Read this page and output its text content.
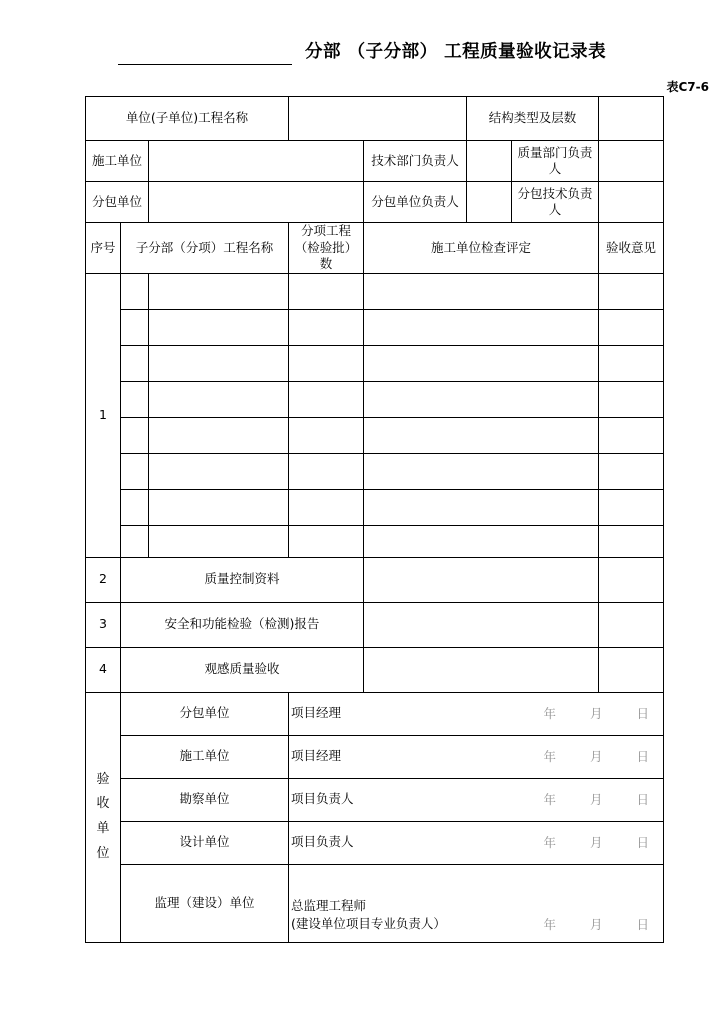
分部 （子分部） 工程质量验收记录表
表C7-6
单位(子单位)工程名称					结构类型及层数		
施工单位				技术部门负责人		质量部门负责人	
分包单位				分包单位负责人		分包技术负责人	
序号	子分部（分项）工程名称		分项工程（检验批）数	施工单位检查评定			验收意见
1							

2	质量控制资料						
3	安全和功能检验（检测)报告						
4	观感质量验收						

验
收
单
位
	分包单位	项目经理	年	月	日

	施工单位		项目经理 年 月 日				

	勘察单位		项目负责人 年 月 日				

	设计单位		项目负责人 年 月 日				

	监理（建设）单位		总监理工程师
(建设单位项目专业负责人） 年 月 日				
